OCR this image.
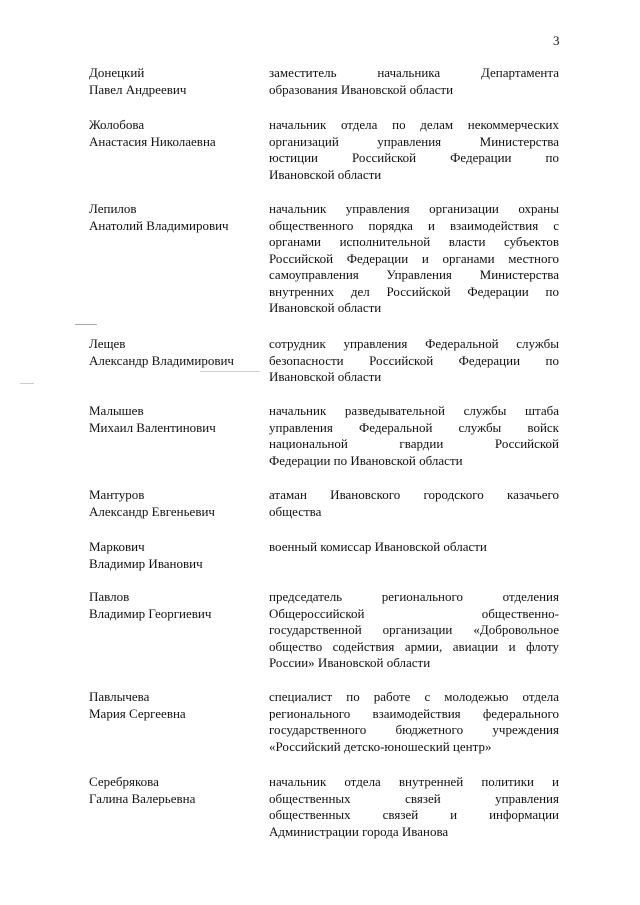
3
Донецкий
Павел Андреевич
заместитель начальника Департамента
образования Ивановской области
Жолобова
Анастасия Николаевна
начальник отдела по делам некоммерческих
организаций управления Министерства
юстиции Российской Федерации по
Ивановской области
Лепилов
Анатолий Владимирович
начальник управления организации охраны
общественного порядка и взаимодействия с
органами исполнительной власти субъектов
Российской Федерации и органами местного
самоуправления Управления Министерства
внутренних дел Российской Федерации по
Ивановской области
Лещев
Александр Владимирович
сотрудник управления Федеральной службы
безопасности Российской Федерации по
Ивановской области
Малышев
Михаил Валентинович
начальник разведывательной службы штаба
управления Федеральной службы войск
национальной гвардии Российской
Федерации по Ивановской области
Мантуров
Александр Евгеньевич
атаман Ивановского городского казачьего
общества
Маркович
Владимир Иванович
военный комиссар Ивановской области
Павлов
Владимир Георгиевич
председатель регионального отделения
Общероссийской общественно-
государственной организации «Добровольное
общество содействия армии, авиации и флоту
России» Ивановской области
Павлычева
Мария Сергеевна
специалист по работе с молодежью отдела
регионального взаимодействия федерального
государственного бюджетного учреждения
«Российский детско-юношеский центр»
Серебрякова
Галина Валерьевна
начальник отдела внутренней политики и
общественных связей управления
общественных связей и информации
Администрации города Иванова
